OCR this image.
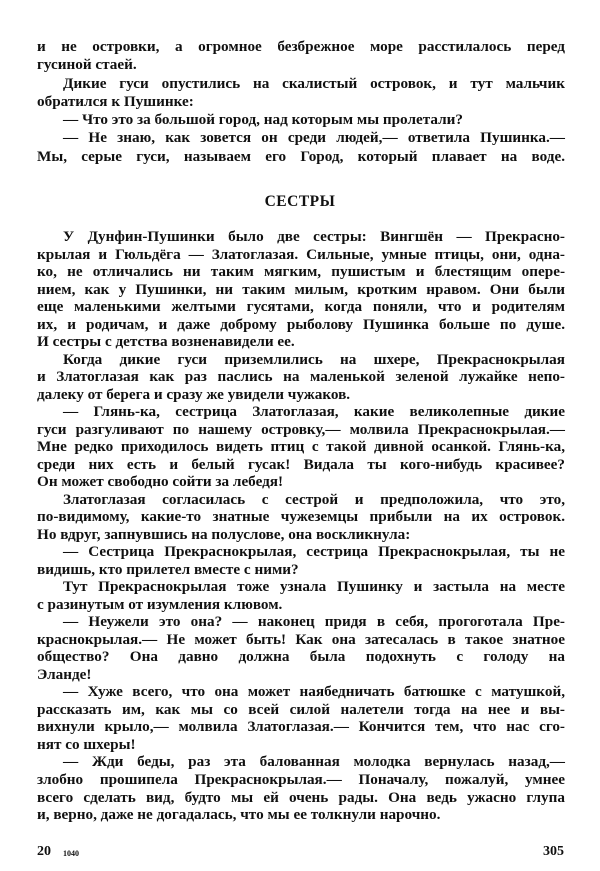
и не островки, а огромное безбрежное море расстилалось перед
гусиной стаей.
Дикие гуси опустились на скалистый островок, и тут мальчик
обратился к Пушинке:
— Что это за большой город, над которым мы пролетали?
— Не знаю, как зовется он среди людей,— ответила Пушинка.—
Мы, серые гуси, называем его Город, который плавает на воде.
СЕСТРЫ
У Дунфин-Пушинки было две сестры: Вингшён — Прекрасно-
крылая и Гюльдёга — Златоглазая. Сильные, умные птицы, они, одна-
ко, не отличались ни таким мягким, пушистым и блестящим опере-
нием, как у Пушинки, ни таким милым, кротким нравом. Они были
еще маленькими желтыми гусятами, когда поняли, что и родителям
их, и родичам, и даже доброму рыболову Пушинка больше по душе.
И сестры с детства возненавидели ее.
Когда дикие гуси приземлились на шхере, Прекраснокрылая
и Златоглазая как раз паслись на маленькой зеленой лужайке непо-
далеку от берега и сразу же увидели чужаков.
— Глянь-ка, сестрица Златоглазая, какие великолепные дикие
гуси разгуливают по нашему островку,— молвила Прекраснокрылая.—
Мне редко приходилось видеть птиц с такой дивной осанкой. Глянь-ка,
среди них есть и белый гусак! Видала ты кого-нибудь красивее?
Он может свободно сойти за лебедя!
Златоглазая согласилась с сестрой и предположила, что это,
по-видимому, какие-то знатные чужеземцы прибыли на их островок.
Но вдруг, запнувшись на полуслове, она воскликнула:
— Сестрица Прекраснокрылая, сестрица Прекраснокрылая, ты не
видишь, кто прилетел вместе с ними?
Тут Прекраснокрылая тоже узнала Пушинку и застыла на месте
с разинутым от изумления клювом.
— Неужели это она? — наконец придя в себя, прогоготала Пре-
краснокрылая.— Не может быть! Как она затесалась в такое знатное
общество? Она давно должна была подохнуть с голоду на
Эланде!
— Хуже всего, что она может наябедничать батюшке с матушкой,
рассказать им, как мы со всей силой налетели тогда на нее и вы-
вихнули крыло,— молвила Златоглазая.— Кончится тем, что нас сго-
нят со шхеры!
— Жди беды, раз эта балованная молодка вернулась назад,—
злобно прошипела Прекраснокрылая.— Поначалу, пожалуй, умнее
всего сделать вид, будто мы ей очень рады. Она ведь ужасно глупа
и, верно, даже не догадалась, что мы ее толкнули нарочно.
20 1040	305
